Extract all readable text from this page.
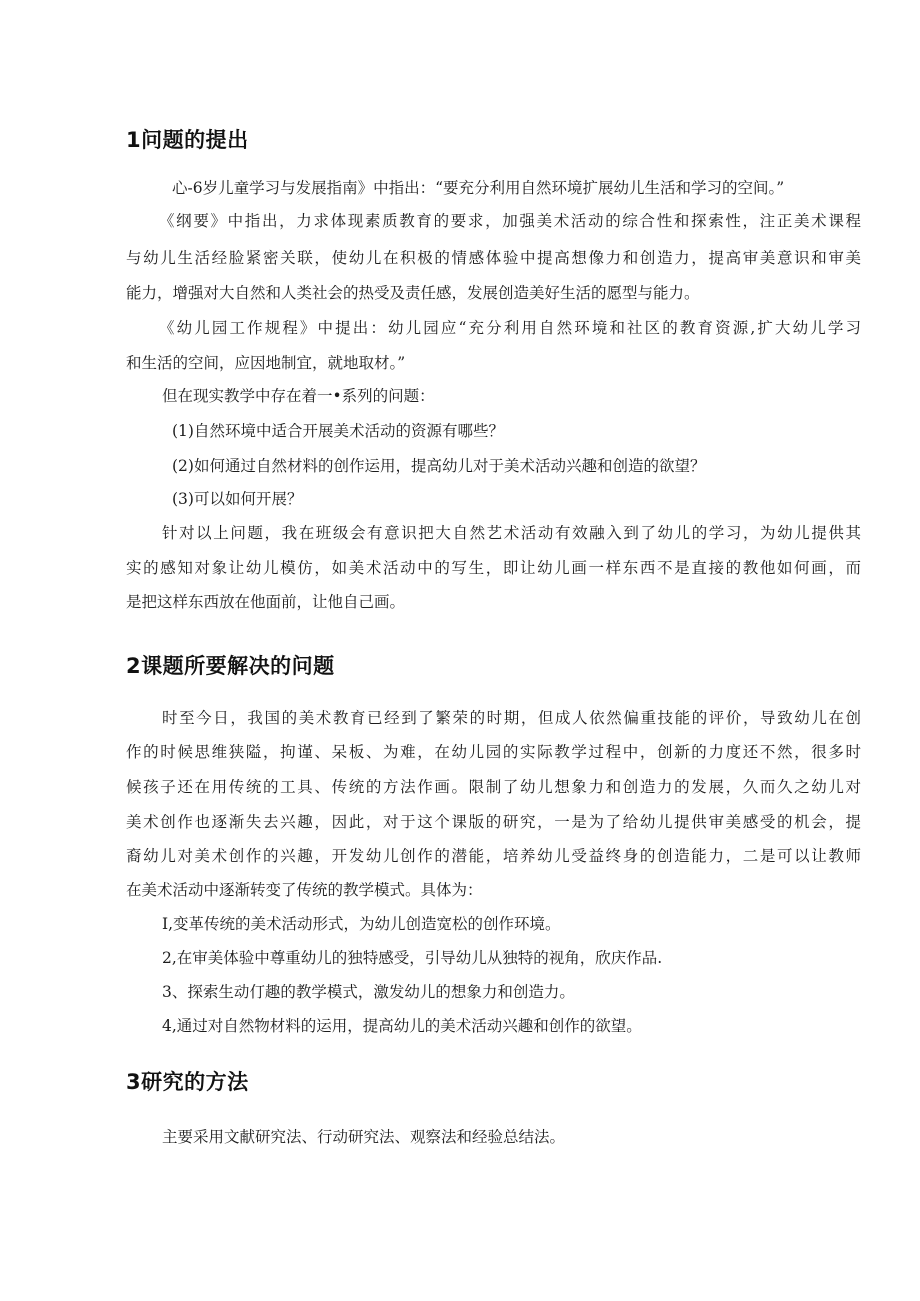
1问题的提出

心-6岁儿童学习与发展指南》中指出：“要充分利用自然环境扩展幼儿生活和学习的空间。”

《纲要》中指出，力求体现素质教育的要求，加强美术活动的综合性和探索性，注正美术课程

与幼儿生活经脸紧密关联，使幼儿在积极的情感体验中提高想像力和创造力，提高审美意识和审美

能力，增强对大自然和人类社会的热受及责任感，发展创造美好生活的愿型与能力。

《幼儿园工作规程》中提出：幼儿园应“充分利用自然环境和社区的教育资源,扩大幼儿学习

和生活的空间，应因地制宜，就地取材。”

但在现实教学中存在着一•系列的问题：

(1)自然环境中适合开展美术活动的资源有哪些？

(2)如何通过自然材料的创作运用，提高幼儿对于美术活动兴趣和创造的欲望？

(3)可以如何开展？

针对以上问题，我在班级会有意识把大自然艺术活动有效融入到了幼儿的学习，为幼儿提供其

实的感知对象让幼儿模仿，如美术活动中的写生，即让幼儿画一样东西不是直接的教他如何画，而

是把这样东西放在他面前，让他自己画。

2课题所要解决的问题

时至今日，我国的美术教育已经到了繁荣的时期，但成人依然偏重技能的评价，导致幼儿在创

作的时候思维狭隘，拘谨、呆板、为难，在幼儿园的实际教学过程中，创新的力度还不然，很多时

候孩子还在用传统的工具、传统的方法作画。限制了幼儿想象力和创造力的发展，久而久之幼儿对

美术创作也逐渐失去兴趣，因此，对于这个课版的研究，一是为了给幼儿提供审美感受的机会，提

裔幼儿对美术创作的兴趣，开发幼儿创作的潜能，培养幼儿受益终身的创造能力，二是可以让教师

在美术活动中逐渐转变了传统的教学模式。具体为：

I,变革传统的美术活动形式，为幼儿创造宽松的创作环境。

2,在审美体验中尊重幼儿的独特感受，引导幼儿从独特的视角，欣庆作品.

3、探索生动仃趣的教学模式，激发幼儿的想象力和创造力。

4,通过对自然物材料的运用，提高幼儿的美术活动兴趣和创作的欲望。

3研究的方法

主要采用文献研究法、行动研究法、观察法和经验总结法。
